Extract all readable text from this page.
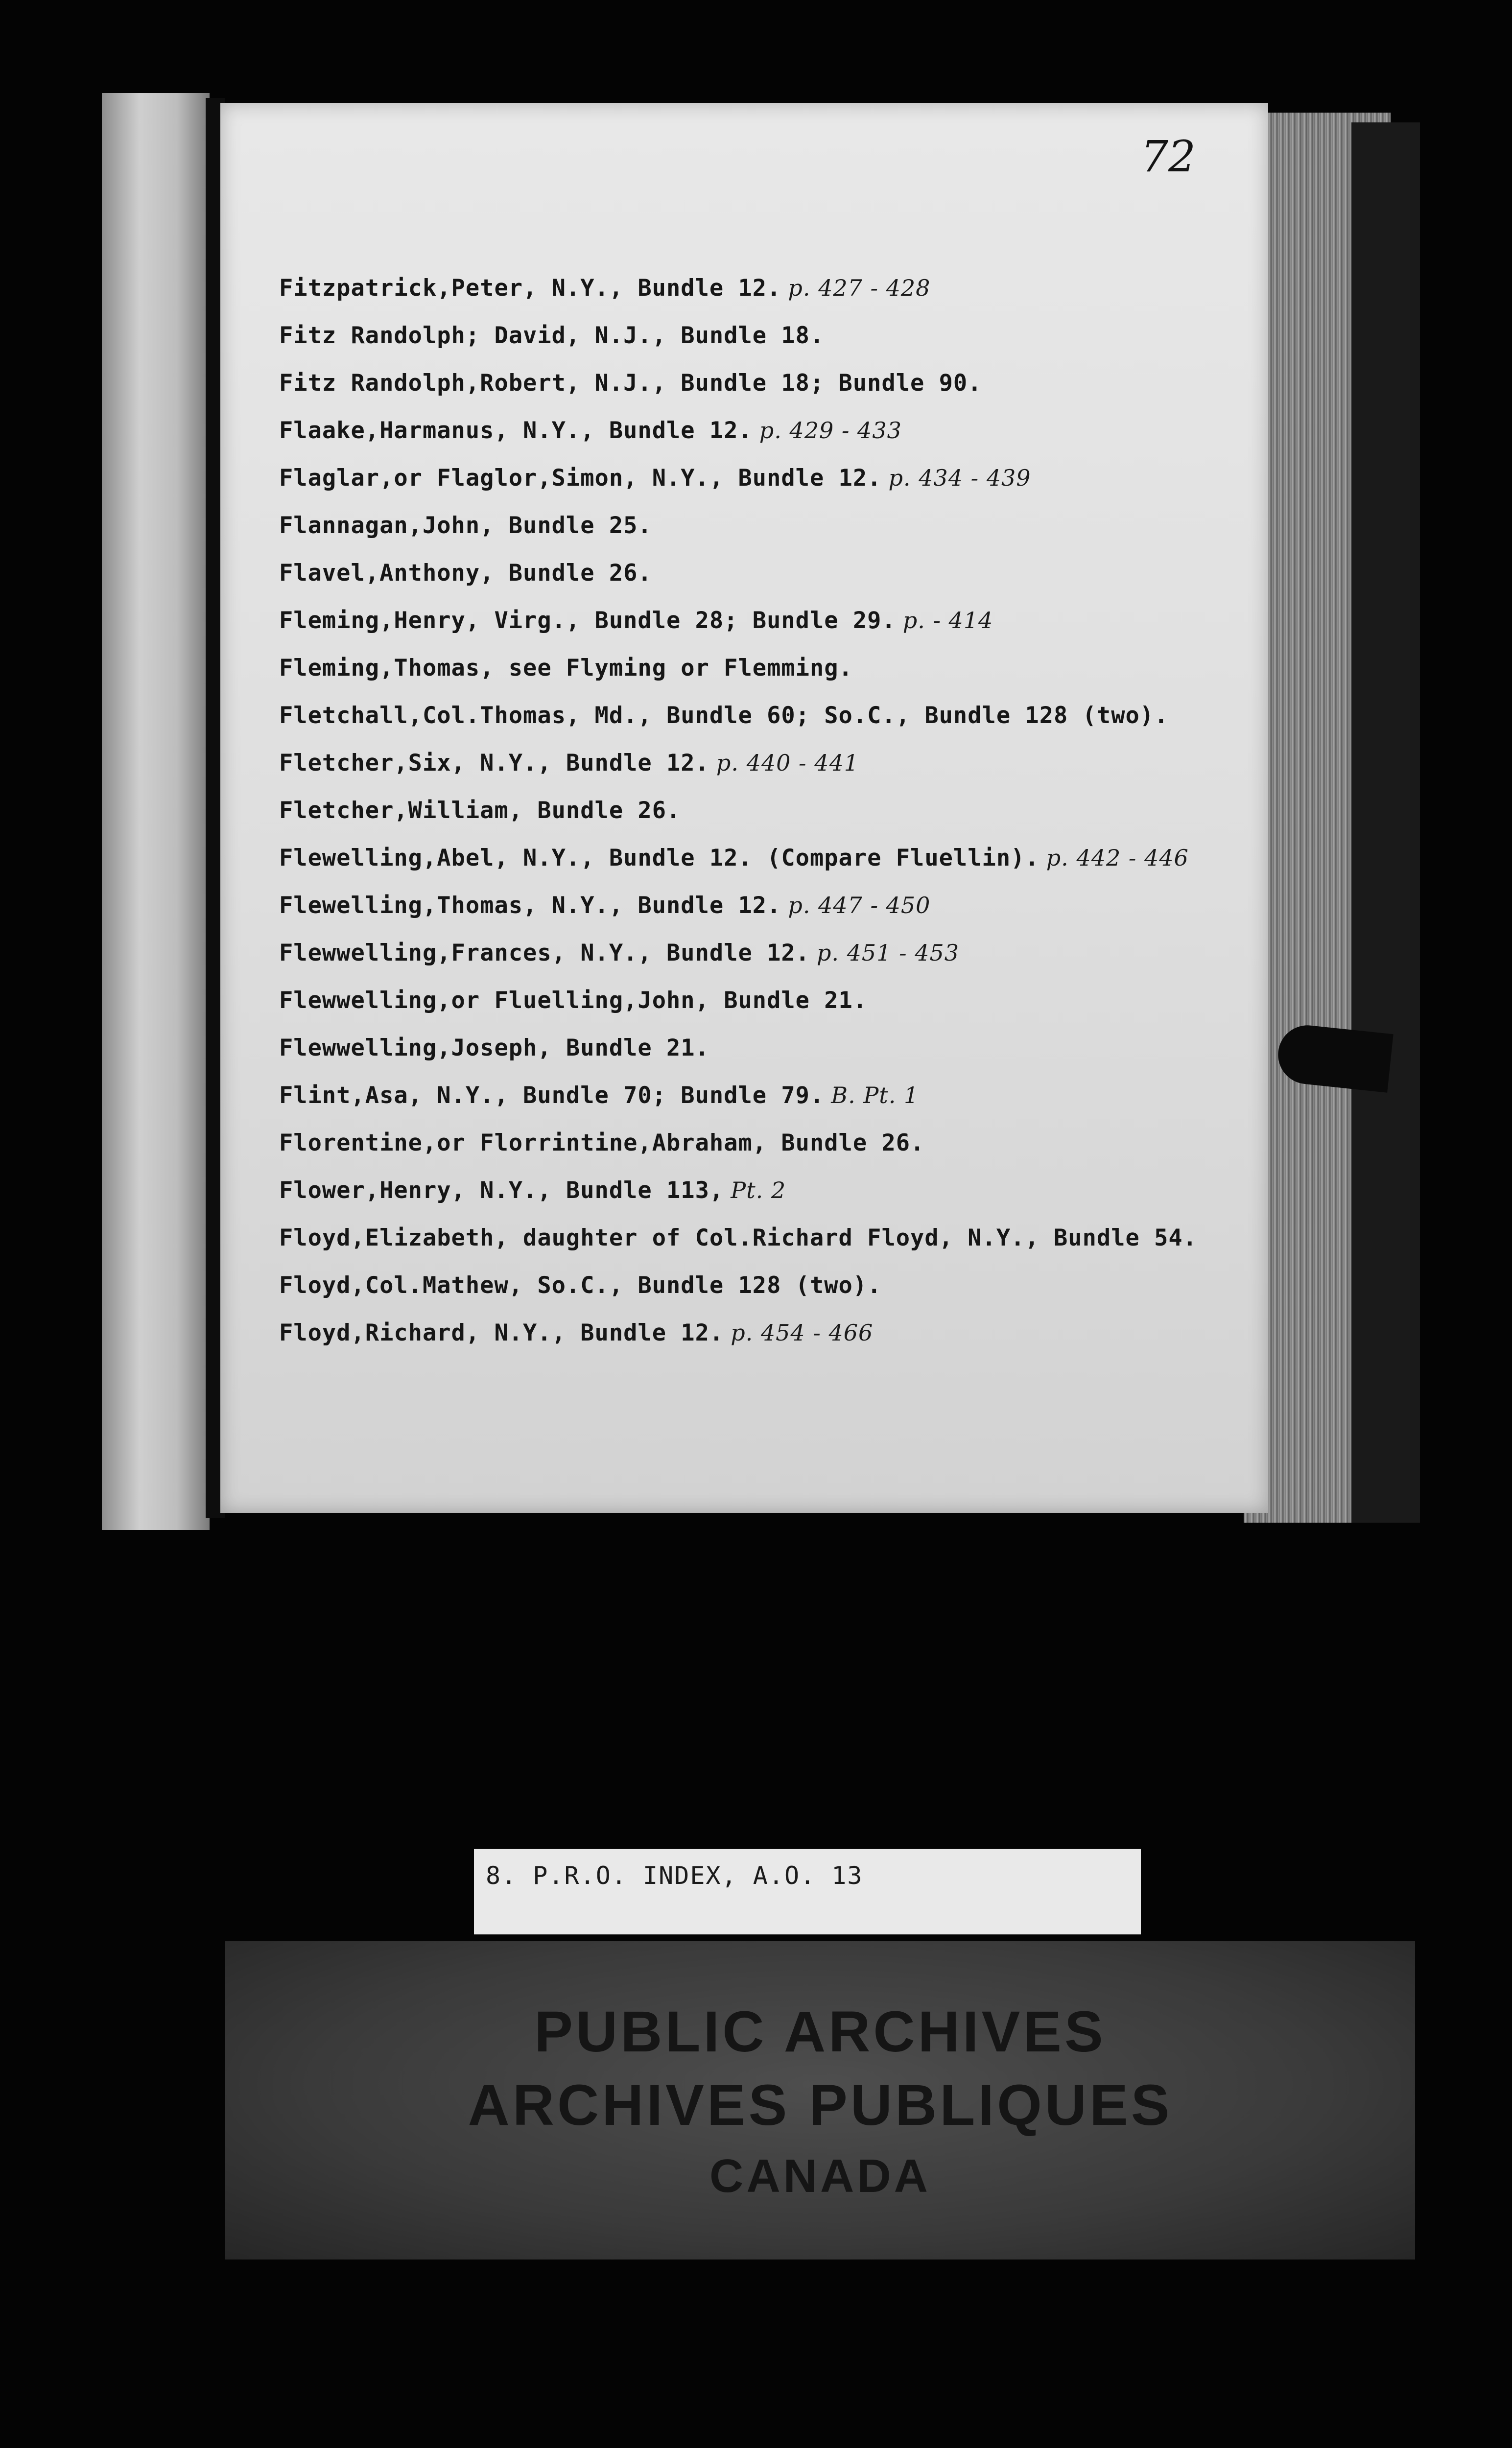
72
Fitzpatrick,Peter, N.Y., Bundle 12. p. 427 - 428
Fitz Randolph; David, N.J., Bundle 18.
Fitz Randolph,Robert, N.J., Bundle 18; Bundle 90.
Flaake,Harmanus, N.Y., Bundle 12. p. 429 - 433
Flaglar,or Flaglor,Simon, N.Y., Bundle 12. p. 434 - 439
Flannagan,John, Bundle 25.
Flavel,Anthony, Bundle 26.
Fleming,Henry, Virg., Bundle 28; Bundle 29. p. - 414
Fleming,Thomas, see Flyming or Flemming.
Fletchall,Col.Thomas, Md., Bundle 60; So.C., Bundle 128 (two).
Fletcher,Six, N.Y., Bundle 12. p. 440 - 441
Fletcher,William, Bundle 26.
Flewelling,Abel, N.Y., Bundle 12. (Compare Fluellin). p. 442 - 446
Flewelling,Thomas, N.Y., Bundle 12. p. 447 - 450
Flewwelling,Frances, N.Y., Bundle 12. p. 451 - 453
Flewwelling,or Fluelling,John, Bundle 21.
Flewwelling,Joseph, Bundle 21.
Flint,Asa, N.Y., Bundle 70; Bundle 79. B. Pt. 1
Florentine,or Florrintine,Abraham, Bundle 26.
Flower,Henry, N.Y., Bundle 113, Pt. 2
Floyd,Elizabeth, daughter of Col.Richard Floyd, N.Y., Bundle 54.
Floyd,Col.Mathew, So.C., Bundle 128 (two).
Floyd,Richard, N.Y., Bundle 12. p. 454 - 466
8. P.R.O. INDEX, A.O. 13
PUBLIC ARCHIVES
ARCHIVES PUBLIQUES
CANADA
